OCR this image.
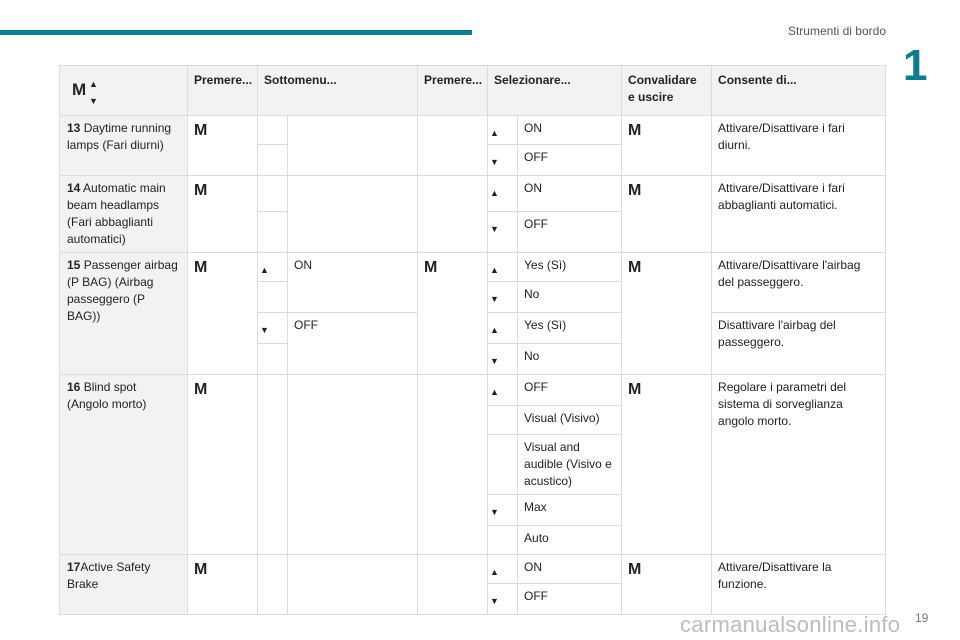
Strumenti di bordo
1
M ▲
▼	Premere...	Sottomenu...		Premere...	Selezionare...		Convalidare e uscire	Consente di...
13 Daytime running lamps (Fari diurni)	M				▲	ON	M	Attivare/Disattivare i fari diurni.
					▼	OFF		
14 Automatic main beam headlamps (Fari abbaglianti automatici)	M				▲	ON	M	Attivare/Disattivare i fari abbaglianti automatici.
					▼	OFF		
15 Passenger airbag (P BAG) (Airbag passeggero (P BAG))	M	▲	ON	M	▲	Yes (Sì)	M	Attivare/Disattivare l'airbag del passeggero.
					▼	No		
		▼	OFF		▲	Yes (Sì)		Disattivare l'airbag del passeggero.
					▼	No		
16 Blind spot (Angolo morto)	M				▲	OFF	M	Regolare i parametri del sistema di sorveglianza angolo morto.
						Visual (Visivo)		
						Visual and audible (Visivo e acustico)		
					▼	Max		
						Auto		
17Active Safety Brake	M				▲	ON	M	Attivare/Disattivare la funzione.
					▼	OFF		
carmanualsonline.info 19
